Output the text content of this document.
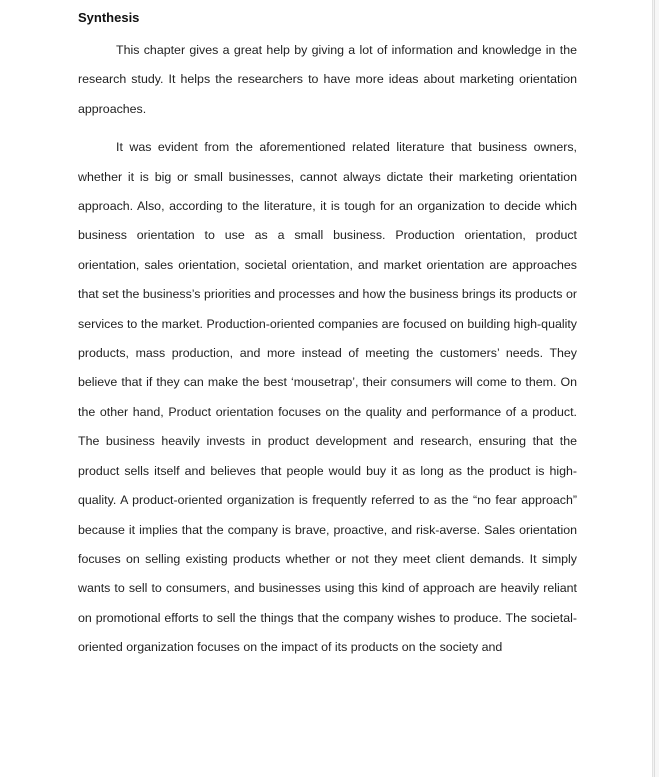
Synthesis

This chapter gives a great help by giving a lot of information and knowledge in the research study. It helps the researchers to have more ideas about marketing orientation approaches.

It was evident from the aforementioned related literature that business owners, whether it is big or small businesses, cannot always dictate their marketing orientation approach. Also, according to the literature, it is tough for an organization to decide which business orientation to use as a small business. Production orientation, product orientation, sales orientation, societal orientation, and market orientation are approaches that set the business’s priorities and processes and how the business brings its products or services to the market. Production-oriented companies are focused on building high-quality products, mass production, and more instead of meeting the customers’ needs. They believe that if they can make the best ‘mousetrap’, their consumers will come to them. On the other hand, Product orientation focuses on the quality and performance of a product. The business heavily invests in product development and research, ensuring that the product sells itself and believes that people would buy it as long as the product is high-quality. A product-oriented organization is frequently referred to as the “no fear approach” because it implies that the company is brave, proactive, and risk-averse. Sales orientation focuses on selling existing products whether or not they meet client demands. It simply wants to sell to consumers, and businesses using this kind of approach are heavily reliant on promotional efforts to sell the things that the company wishes to produce. The societal-oriented organization focuses on the impact of its products on the society and
